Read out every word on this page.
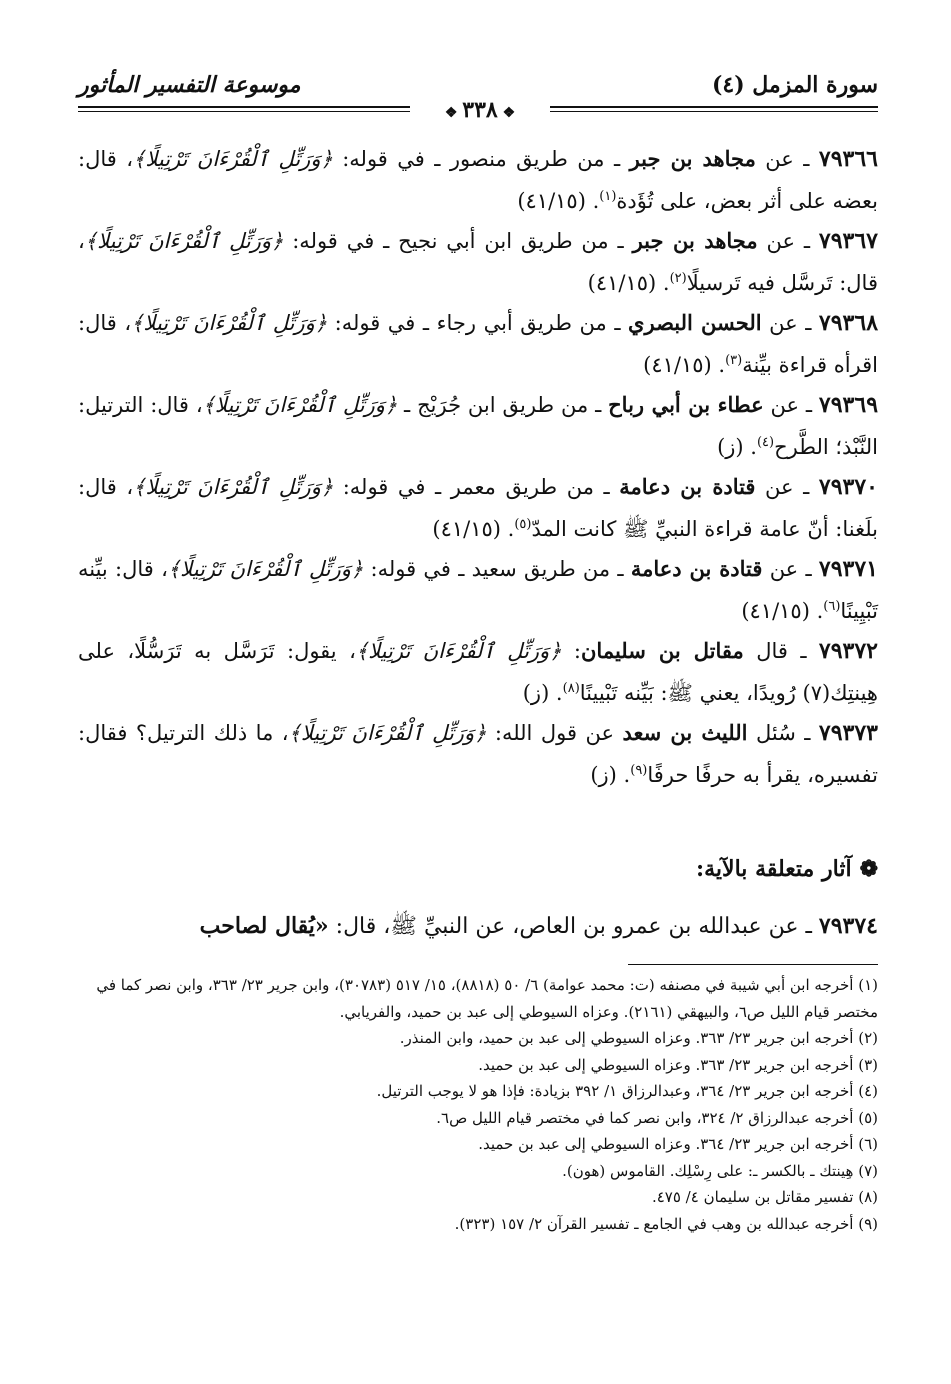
سورة المزمل (٤)
موسوعة التفسير المأثور
❖ ٣٣٨ ❖
٧٩٣٦٦ ـ عن مجاهد بن جبر ـ من طريق منصور ـ في قوله: ﴿وَرَتِّلِ ٱلْقُرْءَانَ تَرْتِيلًا﴾، قال: بعضه على أثر بعض، على تُؤَدة$^{(١)}$. (٤١/١٥)
٧٩٣٦٧ ـ عن مجاهد بن جبر ـ من طريق ابن أبي نجيح ـ في قوله: ﴿وَرَتِّلِ ٱلْقُرْءَانَ تَرْتِيلًا﴾، قال: تَرسَّل فيه تَرسيلًا$^{(٢)}$. (٤١/١٥)
٧٩٣٦٨ ـ عن الحسن البصري ـ من طريق أبي رجاء ـ في قوله: ﴿وَرَتِّلِ ٱلْقُرْءَانَ تَرْتِيلًا﴾، قال: اقرأه قراءة بيِّنة$^{(٣)}$. (٤١/١٥)
٧٩٣٦٩ ـ عن عطاء بن أبي رباح ـ من طريق ابن جُرَيْج ـ ﴿وَرَتِّلِ ٱلْقُرْءَانَ تَرْتِيلًا﴾، قال: الترتيل: النَّبْذ؛ الطَّرح$^{(٤)}$. (ز)
٧٩٣٧٠ ـ عن قتادة بن دعامة ـ من طريق معمر ـ في قوله: ﴿وَرَتِّلِ ٱلْقُرْءَانَ تَرْتِيلًا﴾، قال: بلَغنا: أنّ عامة قراءة النبيِّ ﷺ كانت المدّ$^{(٥)}$. (٤١/١٥)
٧٩٣٧١ ـ عن قتادة بن دعامة ـ من طريق سعيد ـ في قوله: ﴿وَرَتِّلِ ٱلْقُرْءَانَ تَرْتِيلًا﴾، قال: بيِّنه تَبْيِينًا$^{(٦)}$. (٤١/١٥)
٧٩٣٧٢ ـ قال مقاتل بن سليمان: ﴿وَرَتِّلِ ٱلْقُرْءَانَ تَرْتِيلًا﴾، يقول: تَرَسَّل به تَرَسُّلًا، على هِينتِك(٧) رُويدًا، يعني ﷺ: بَيِّنه تَبْيينًا$^{(٨)}$. (ز)
٧٩٣٧٣ ـ سُئل الليث بن سعد عن قول الله: ﴿وَرَتِّلِ ٱلْقُرْءَانَ تَرْتِيلًا﴾، ما ذلك الترتيل؟ فقال: تفسيره، يقرأ به حرفًا حرفًا$^{(٩)}$. (ز)
❁آثار متعلقة بالآية:
٧٩٣٧٤ ـ عن عبدالله بن عمرو بن العاص، عن النبيِّ ﷺ، قال: «يُقال لصاحب

(١) أخرجه ابن أبي شيبة في مصنفه (ت: محمد عوامة) ٦/ ٥٠ (٨٨١٨)، ١٥/ ٥١٧ (٣٠٧٨٣)، وابن جرير ٢٣/ ٣٦٣، وابن نصر كما في مختصر قيام الليل ص٦، والبيهقي (٢١٦١). وعزاه السيوطي إلى عبد بن حميد، والفريابي.

(٢) أخرجه ابن جرير ٢٣/ ٣٦٣. وعزاه السيوطي إلى عبد بن حميد، وابن المنذر.

(٣) أخرجه ابن جرير ٢٣/ ٣٦٣. وعزاه السيوطي إلى عبد بن حميد.

(٤) أخرجه ابن جرير ٢٣/ ٣٦٤، وعبدالرزاق ١/ ٣٩٢ بزيادة: فإذا هو لا يوجب الترتيل.

(٥) أخرجه عبدالرزاق ٢/ ٣٢٤، وابن نصر كما في مختصر قيام الليل ص٦.

(٦) أخرجه ابن جرير ٢٣/ ٣٦٤. وعزاه السيوطي إلى عبد بن حميد.

(٧) هِينتك ـ بالكسر ـ: على رِسْلِك. القاموس (هون).

(٨) تفسير مقاتل بن سليمان ٤/ ٤٧٥.

(٩) أخرجه عبدالله بن وهب في الجامع ـ تفسير القرآن ٢/ ١٥٧ (٣٢٣).
